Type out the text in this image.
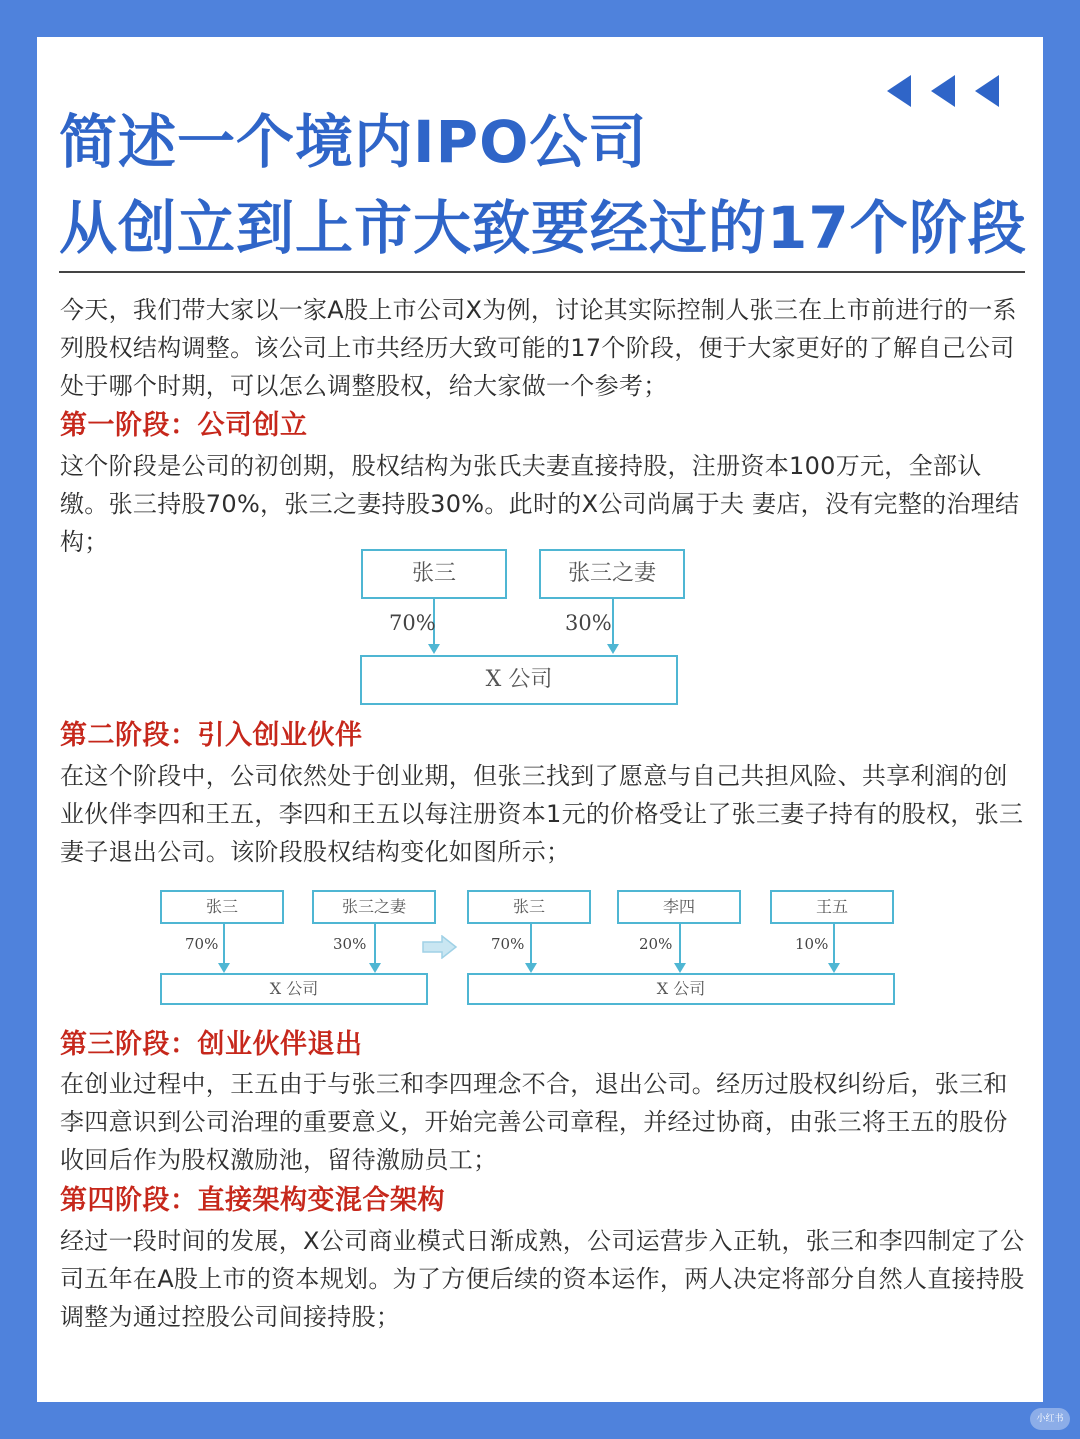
简述一个境内IPO公司
从创立到上市大致要经过的17个阶段

今天，我们带大家以一家A股上市公司X为例，讨论其实际控制人张三在上市前进行的一系列股权结构调整。该公司上市共经历大致可能的17个阶段，便于大家更好的了解自己公司处于哪个时期，可以怎么调整股权，给大家做一个参考；

第一阶段：公司创立

这个阶段是公司的初创期，股权结构为张氏夫妻直接持股，注册资本100万元，全部认缴。张三持股70%，张三之妻持股30%。此时的X公司尚属于夫 妻店，没有完整的治理结构；

张三	张三之妻
70%	30%
X 公司
第二阶段：引入创业伙伴

在这个阶段中，公司依然处于创业期，但张三找到了愿意与自己共担风险、共享利润的创业伙伴李四和王五，李四和王五以每注册资本1元的价格受让了张三妻子持有的股权，张三妻子退出公司。该阶段股权结构变化如图所示；

张三	张三之妻
70%	30%
X 公司
张三	李四	王五
70%	20%	10%
X 公司
第三阶段：创业伙伴退出

在创业过程中，王五由于与张三和李四理念不合，退出公司。经历过股权纠纷后，张三和李四意识到公司治理的重要意义，开始完善公司章程，并经过协商，由张三将王五的股份收回后作为股权激励池，留待激励员工；

第四阶段：直接架构变混合架构

经过一段时间的发展，X公司商业模式日渐成熟，公司运营步入正轨，张三和李四制定了公司五年在A股上市的资本规划。为了方便后续的资本运作，两人决定将部分自然人直接持股调整为通过控股公司间接持股；

小红书
